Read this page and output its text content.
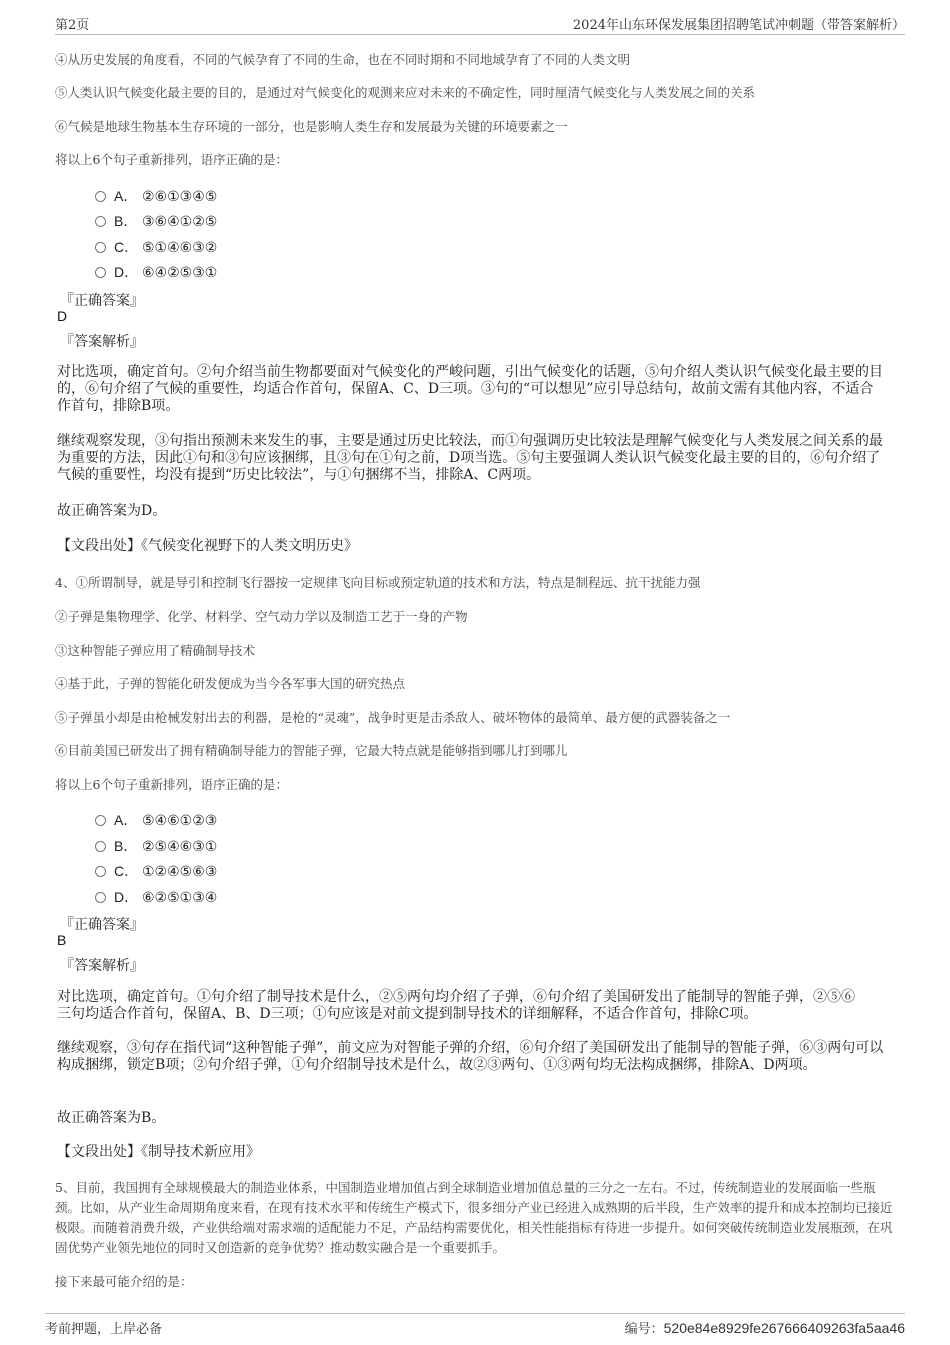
第2页	2024年山东环保发展集团招聘笔试冲刺题（带答案解析）
④从历史发展的角度看，不同的气候孕育了不同的生命，也在不同时期和不同地域孕育了不同的人类文明
⑤人类认识气候变化最主要的目的，是通过对气候变化的观测来应对未来的不确定性，同时厘清气候变化与人类发展之间的关系
⑥气候是地球生物基本生存环境的一部分，也是影响人类生存和发展最为关键的环境要素之一
将以上6个句子重新排列，语序正确的是：
A． ②⑥①③④⑤
B． ③⑥④①②⑤
C． ⑤①④⑥③②
D． ⑥④②⑤③①
『正确答案』
D
『答案解析』
对比选项，确定首句。②句介绍当前生物都要面对气候变化的严峻问题，引出气候变化的话题，⑤句介绍人类认识气候变化最主要的目的，⑥句介绍了气候的重要性，均适合作首句，保留A、C、D三项。③句的“可以想见”应引导总结句，故前文需有其他内容，不适合作首句，排除B项。
继续观察发现，③句指出预测未来发生的事，主要是通过历史比较法，而①句强调历史比较法是理解气候变化与人类发展之间关系的最为重要的方法，因此①句和③句应该捆绑，且③句在①句之前，D项当选。⑤句主要强调人类认识气候变化最主要的目的，⑥句介绍了气候的重要性，均没有提到“历史比较法”，与①句捆绑不当，排除A、C两项。
故正确答案为D。
【文段出处】《气候变化视野下的人类文明历史》
4、①所谓制导，就是导引和控制飞行器按一定规律飞向目标或预定轨道的技术和方法，特点是制程远、抗干扰能力强
②子弹是集物理学、化学、材料学、空气动力学以及制造工艺于一身的产物
③这种智能子弹应用了精确制导技术
④基于此，子弹的智能化研发便成为当今各军事大国的研究热点
⑤子弹虽小却是由枪械发射出去的利器，是枪的“灵魂”，战争时更是击杀敌人、破坏物体的最简单、最方便的武器装备之一
⑥目前美国已研发出了拥有精确制导能力的智能子弹，它最大特点就是能够指到哪儿打到哪儿
将以上6个句子重新排列，语序正确的是：
A． ⑤④⑥①②③
B． ②⑤④⑥③①
C． ①②④⑤⑥③
D． ⑥②⑤①③④
『正确答案』
B
『答案解析』
对比选项，确定首句。①句介绍了制导技术是什么，②⑤两句均介绍了子弹，⑥句介绍了美国研发出了能制导的智能子弹，②⑤⑥三句均适合作首句，保留A、B、D三项；①句应该是对前文提到制导技术的详细解释，不适合作首句，排除C项。
继续观察，③句存在指代词“这种智能子弹”，前文应为对智能子弹的介绍，⑥句介绍了美国研发出了能制导的智能子弹，⑥③两句可以构成捆绑，锁定B项；②句介绍子弹，①句介绍制导技术是什么，故②③两句、①③两句均无法构成捆绑，排除A、D两项。
故正确答案为B。
【文段出处】《制导技术新应用》
5、目前，我国拥有全球规模最大的制造业体系，中国制造业增加值占到全球制造业增加值总量的三分之一左右。不过，传统制造业的发展面临一些瓶颈。比如，从产业生命周期角度来看，在现有技术水平和传统生产模式下，很多细分产业已经进入成熟期的后半段，生产效率的提升和成本控制均已接近极限。而随着消费升级，产业供给端对需求端的适配能力不足，产品结构需要优化，相关性能指标有待进一步提升。如何突破传统制造业发展瓶颈，在巩固优势产业领先地位的同时又创造新的竞争优势？推动数实融合是一个重要抓手。
接下来最可能介绍的是：
考前押题，上岸必备	编号：520e84e8929fe267666409263fa5aa46
